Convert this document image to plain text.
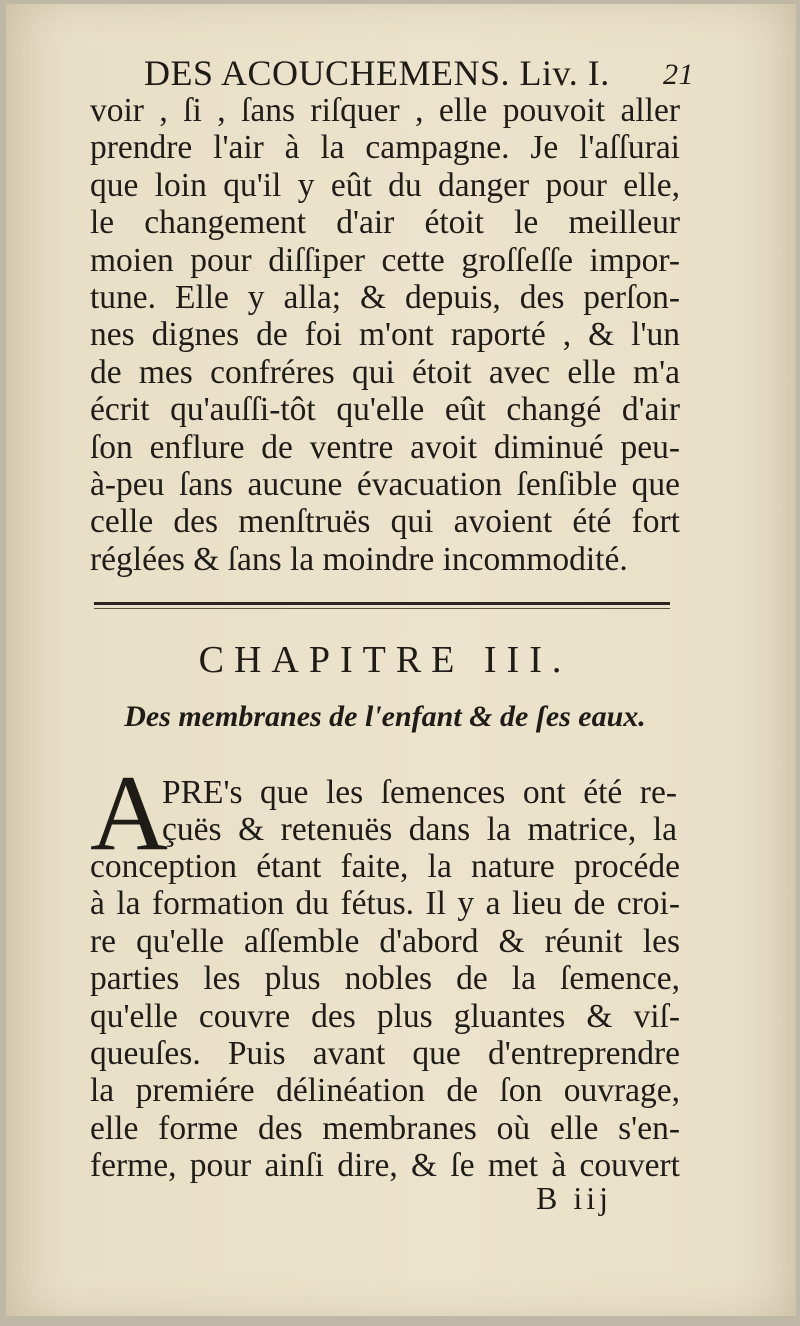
DES ACOUCHEMENS. Liv. I. 21
voir , ſi , ſans riſquer , elle pouvoit aller
prendre l'air à la campagne. Je l'aſſurai
que loin qu'il y eût du danger pour elle,
le changement d'air étoit le meilleur
moien pour diſſiper cette groſſeſſe impor-
tune. Elle y alla; & depuis, des perſon-
nes dignes de foi m'ont raporté , & l'un
de mes confréres qui étoit avec elle m'a
écrit qu'auſſi-tôt qu'elle eût changé d'air
ſon enflure de ventre avoit diminué peu-
à-peu ſans aucune évacuation ſenſible que
celle des menſtruës qui avoient été fort
réglées & ſans la moindre incommodité.
CHAPITRE III.
Des membranes de l'enfant & de ſes eaux.
A
PRE's que les ſemences ont été re-
çuës & retenuës dans la matrice, la
conception étant faite, la nature procéde
à la formation du fétus. Il y a lieu de croi-
re qu'elle aſſemble d'abord & réunit les
parties les plus nobles de la ſemence,
qu'elle couvre des plus gluantes & viſ-
queuſes. Puis avant que d'entreprendre
la premiére délinéation de ſon ouvrage,
elle forme des membranes où elle s'en-
ferme, pour ainſi dire, & ſe met à couvert
B iij
